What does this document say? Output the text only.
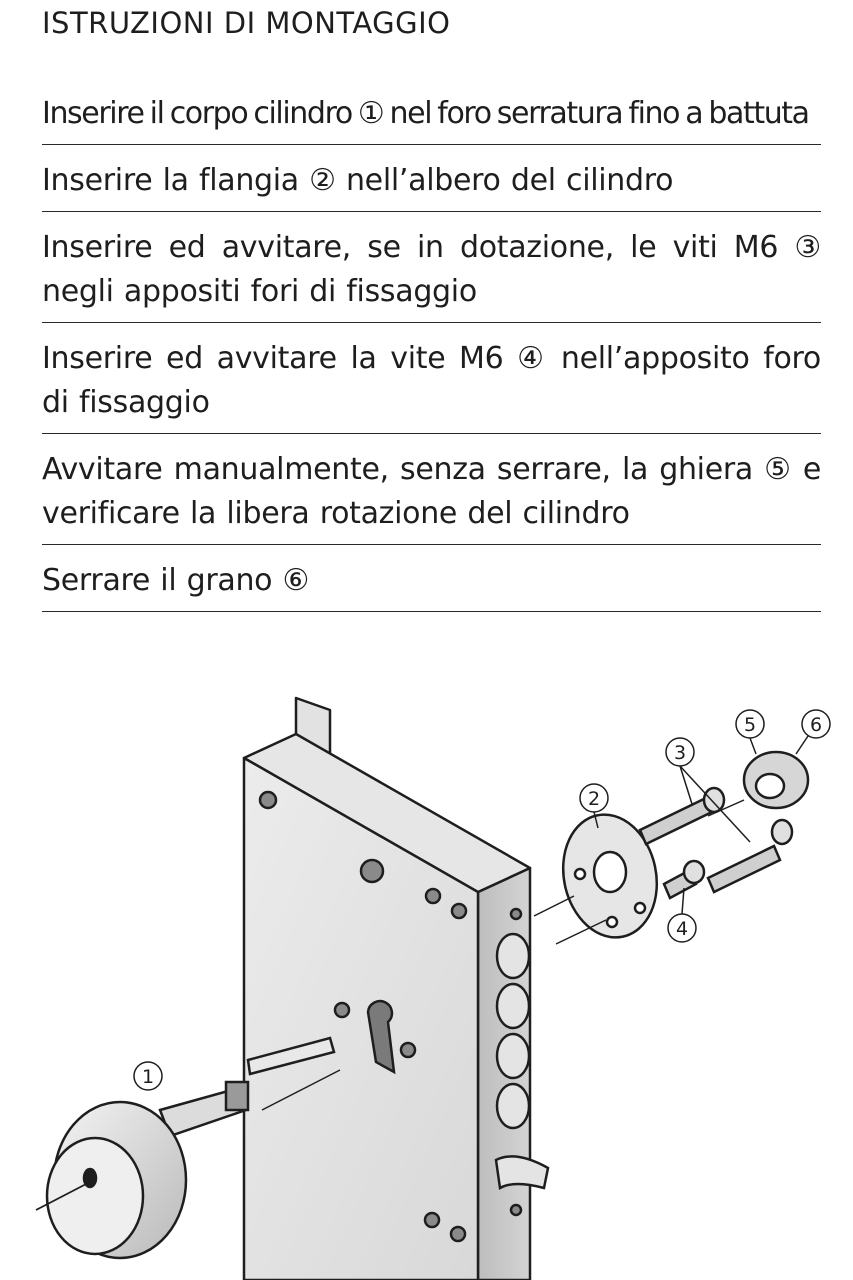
ISTRUZIONI DI MONTAGGIO
Inserire il corpo cilindro ① nel foro serratura fino a battuta
Inserire la flangia ② nell’albero del cilindro
Inserire ed avvitare, se in dotazione, le viti M6 ③ negli appositi fori di fissaggio
Inserire ed avvitare la vite M6 ④ nell’apposito foro di fissaggio
Avvitare manualmente, senza serrare, la ghiera ⑤ e verificare la libera rotazione del cilindro
Serrare il grano ⑥
1
2
3
4
5	6
